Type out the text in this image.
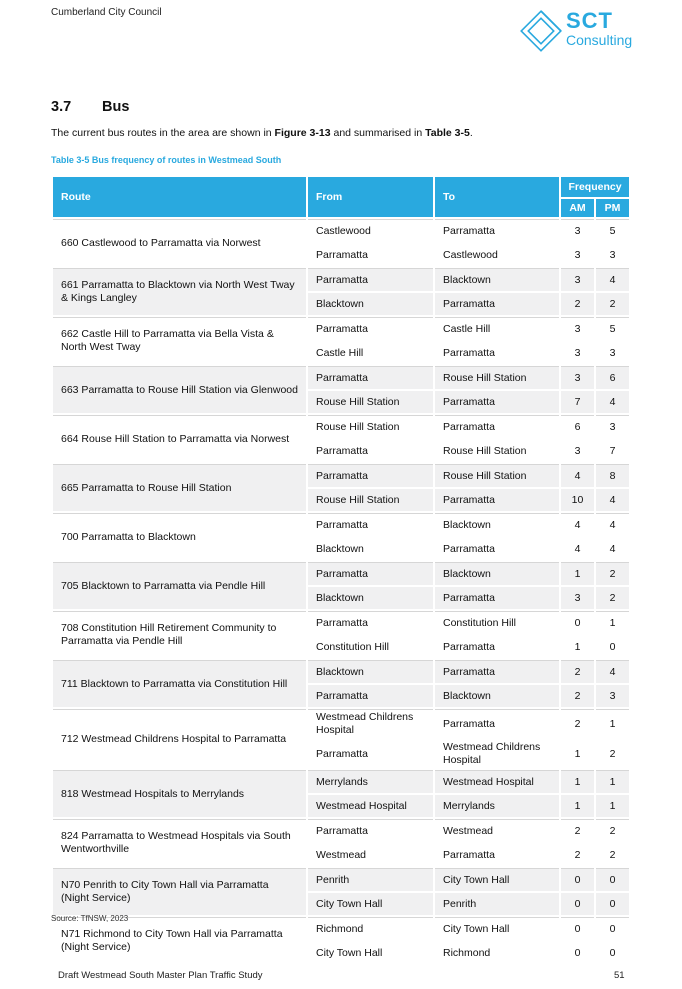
Cumberland City Council	SCT
Consulting
3.7 Bus
The current bus routes in the area are shown in Figure 3-13 and summarised in Table 3-5.
Table 3-5 Bus frequency of routes in Westmead South
Route	From	To	Frequency	
			AM	PM
660 Castlewood to Parramatta via Norwest	Castlewood	Parramatta	3	5
	Parramatta	Castlewood	3	3
661 Parramatta to Blacktown via North West Tway & Kings Langley	Parramatta	Blacktown	3	4
	Blacktown	Parramatta	2	2
662 Castle Hill to Parramatta via Bella Vista & North West Tway	Parramatta	Castle Hill	3	5
	Castle Hill	Parramatta	3	3
663 Parramatta to Rouse Hill Station via Glenwood	Parramatta	Rouse Hill Station	3	6
	Rouse Hill Station	Parramatta	7	4
664 Rouse Hill Station to Parramatta via Norwest	Rouse Hill Station	Parramatta	6	3
	Parramatta	Rouse Hill Station	3	7
665 Parramatta to Rouse Hill Station	Parramatta	Rouse Hill Station	4	8
	Rouse Hill Station	Parramatta	10	4
700 Parramatta to Blacktown	Parramatta	Blacktown	4	4
	Blacktown	Parramatta	4	4
705 Blacktown to Parramatta via Pendle Hill	Parramatta	Blacktown	1	2
	Blacktown	Parramatta	3	2
708 Constitution Hill Retirement Community to Parramatta via Pendle Hill	Parramatta	Constitution Hill	0	1
	Constitution Hill	Parramatta	1	0
711 Blacktown to Parramatta via Constitution Hill	Blacktown	Parramatta	2	4
	Parramatta	Blacktown	2	3
712 Westmead Childrens Hospital to Parramatta	Westmead Childrens Hospital	Parramatta	2	1
	Parramatta	Westmead Childrens Hospital	1	2
818 Westmead Hospitals to Merrylands	Merrylands	Westmead Hospital	1	1
	Westmead Hospital	Merrylands	1	1
824 Parramatta to Westmead Hospitals via South Wentworthville	Parramatta	Westmead	2	2
	Westmead	Parramatta	2	2
N70 Penrith to City Town Hall via Parramatta (Night Service)	Penrith	City Town Hall	0	0
	City Town Hall	Penrith	0	0
N71 Richmond to City Town Hall via Parramatta (Night Service)	Richmond	City Town Hall	0	0
	City Town Hall	Richmond	0	0
Source: TfNSW, 2023
Draft Westmead South Master Plan Traffic Study	51
